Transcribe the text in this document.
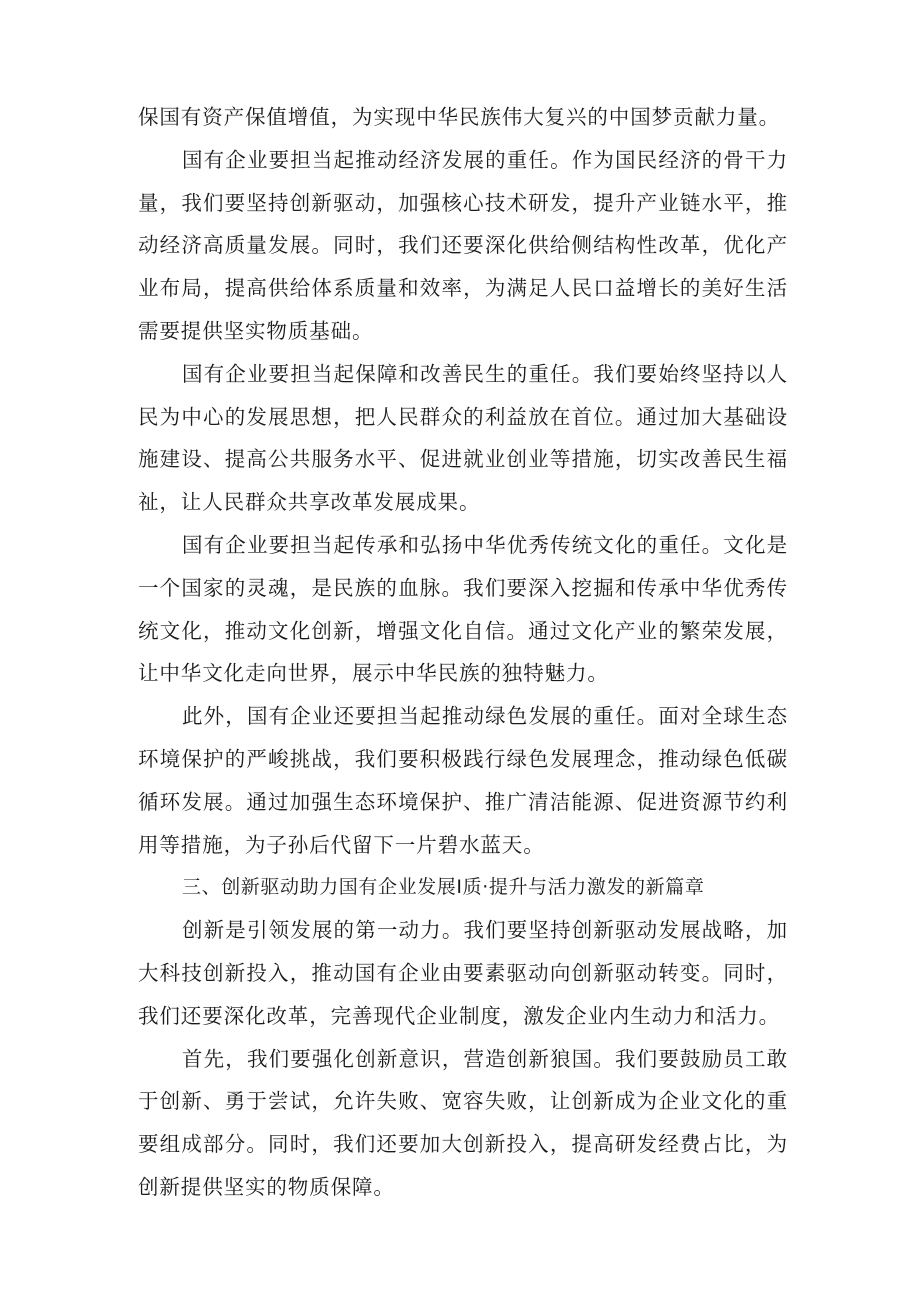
保国有资产保值增值，为实现中华民族伟大复兴的中国梦贡献力量。

国有企业要担当起推动经济发展的重任。作为国民经济的骨干力量，我们要坚持创新驱动，加强核心技术研发，提升产业链水平，推动经济高质量发展。同时，我们还要深化供给侧结构性改革，优化产业布局，提高供给体系质量和效率，为满足人民口益增长的美好生活需要提供坚实物质基础。

国有企业要担当起保障和改善民生的重任。我们要始终坚持以人民为中心的发展思想，把人民群众的利益放在首位。通过加大基础设施建设、提高公共服务水平、促进就业创业等措施，切实改善民生福祉，让人民群众共享改革发展成果。

国有企业要担当起传承和弘扬中华优秀传统文化的重任。文化是一个国家的灵魂，是民族的血脉。我们要深入挖掘和传承中华优秀传统文化，推动文化创新，增强文化自信。通过文化产业的繁荣发展，让中华文化走向世界，展示中华民族的独特魅力。

此外，国有企业还要担当起推动绿色发展的重任。面对全球生态环境保护的严峻挑战，我们要积极践行绿色发展理念，推动绿色低碳循环发展。通过加强生态环境保护、推广清洁能源、促进资源节约利用等措施，为子孙后代留下一片碧水蓝天。

三、创新驱动助力国有企业发展I质·提升与活力激发的新篇章

创新是引领发展的第一动力。我们要坚持创新驱动发展战略，加大科技创新投入，推动国有企业由要素驱动向创新驱动转变。同时，我们还要深化改革，完善现代企业制度，激发企业内生动力和活力。

首先，我们要强化创新意识，营造创新狼国。我们要鼓励员工敢于创新、勇于尝试，允许失败、宽容失败，让创新成为企业文化的重要组成部分。同时，我们还要加大创新投入，提高研发经费占比，为创新提供坚实的物质保障。
